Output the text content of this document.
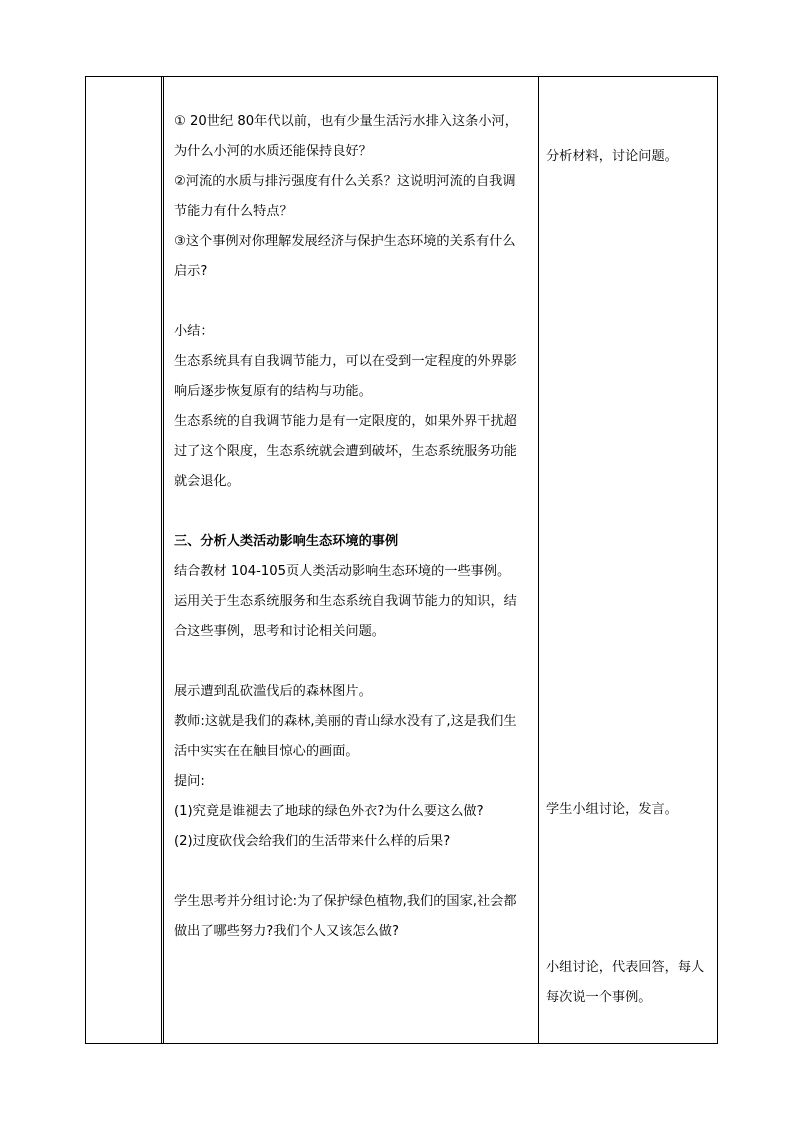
① 20世纪 80年代以前，也有少量生活污水排入这条小河，
为什么小河的水质还能保持良好？
②河流的水质与排污强度有什么关系？这说明河流的自我调
节能力有什么特点？
③这个事例对你理解发展经济与保护生态环境的关系有什么
启示?
小结：
生态系统具有自我调节能力，可以在受到一定程度的外界影
响后逐步恢复原有的结构与功能。
生态系统的自我调节能力是有一定限度的，如果外界干扰超
过了这个限度，生态系统就会遭到破坏，生态系统服务功能
就会退化。
三、分析人类活动影响生态环境的事例
结合教材 104-105页人类活动影响生态环境的一些事例。
运用关于生态系统服务和生态系统自我调节能力的知识，结
合这些事例，思考和讨论相关问题。
展示遭到乱砍滥伐后的森林图片。
教师:这就是我们的森林,美丽的青山绿水没有了,这是我们生
活中实实在在触目惊心的画面。
提问:
(1)究竟是谁褪去了地球的绿色外衣?为什么要这么做?
(2)过度砍伐会给我们的生活带来什么样的后果?
学生思考并分组讨论:为了保护绿色植物,我们的国家,社会都
做出了哪些努力?我们个人又该怎么做?
分析材料，讨论问题。
学生小组讨论，发言。
小组讨论，代表回答，每人
每次说一个事例。
